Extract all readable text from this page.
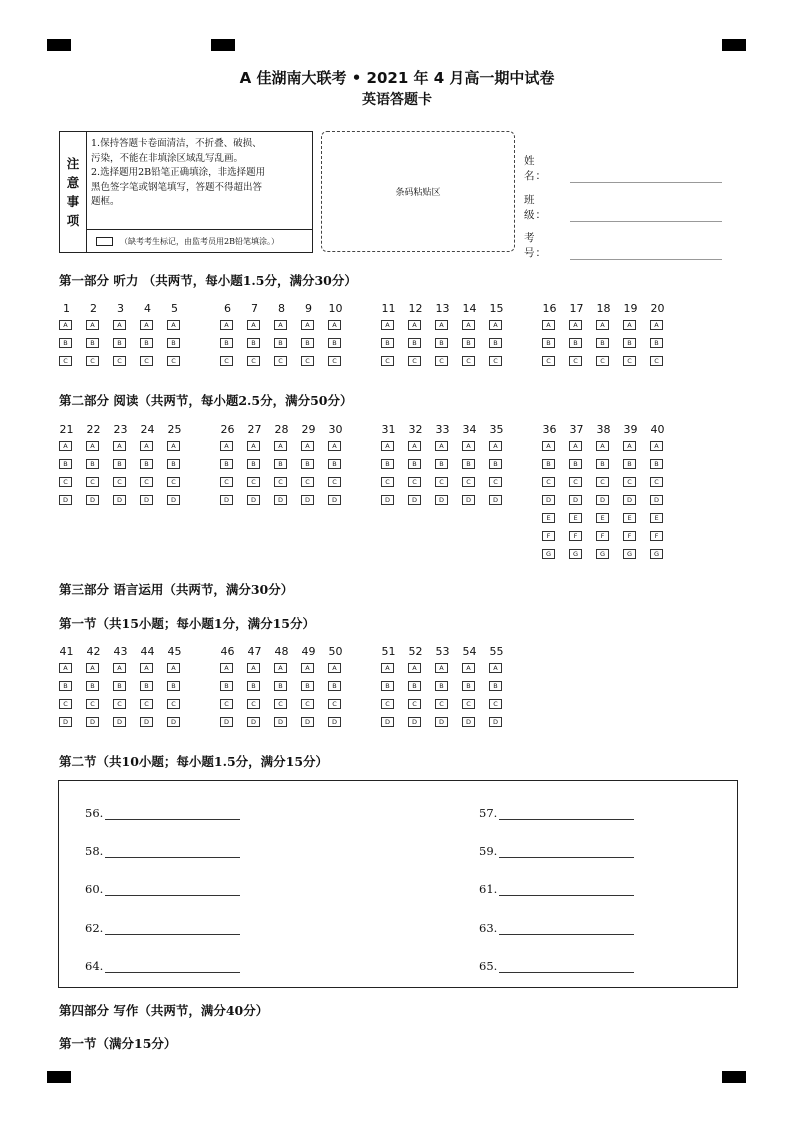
A 佳湖南大联考 • 2021 年 4 月高一期中试卷
英语答题卡
注
意
事
项
1.保持答题卡卷面清洁，不折叠、破损、
污染，不能在非填涂区域乱写乱画。
2.选择题用2B铅笔正确填涂，非选择题用
黑色签字笔或钢笔填写，答题不得超出答
题框。
（缺考考生标记，由监考员用2B铅笔填涂。）
条码粘贴区
姓　名：
班　级：
考　号：
第一部分 听力 （共两节，每小题1.5分，满分30分）
第二部分 阅读（共两节，每小题2.5分，满分50分）
第三部分 语言运用（共两节，满分30分）
第一节（共15小题；每小题1分，满分15分）
第二节（共10小题；每小题1.5分，满分15分）
第四部分 写作（共两节，满分40分）
第一节（满分15分）
1
A
B
C
2
A
B
C
3
A
B
C
4
A
B
C
5
A
B
C
6
A
B
C
7
A
B
C
8
A
B
C
9
A
B
C
10
A
B
C
11
A
B
C
12
A
B
C
13
A
B
C
14
A
B
C
15
A
B
C
16
A
B
C
17
A
B
C
18
A
B
C
19
A
B
C
20
A
B
C
21
A
B
C
D
22
A
B
C
D
23
A
B
C
D
24
A
B
C
D
25
A
B
C
D
26
A
B
C
D
27
A
B
C
D
28
A
B
C
D
29
A
B
C
D
30
A
B
C
D
31
A
B
C
D
32
A
B
C
D
33
A
B
C
D
34
A
B
C
D
35
A
B
C
D
36
A
B
C
D
E
F
G
37
A
B
C
D
E
F
G
38
A
B
C
D
E
F
G
39
A
B
C
D
E
F
G
40
A
B
C
D
E
F
G
41
A
B
C
D
42
A
B
C
D
43
A
B
C
D
44
A
B
C
D
45
A
B
C
D
46
A
B
C
D
47
A
B
C
D
48
A
B
C
D
49
A
B
C
D
50
A
B
C
D
51
A
B
C
D
52
A
B
C
D
53
A
B
C
D
54
A
B
C
D
55
A
B
C
D
56.
58.
60.
62.
64.
57.
59.
61.
63.
65.
